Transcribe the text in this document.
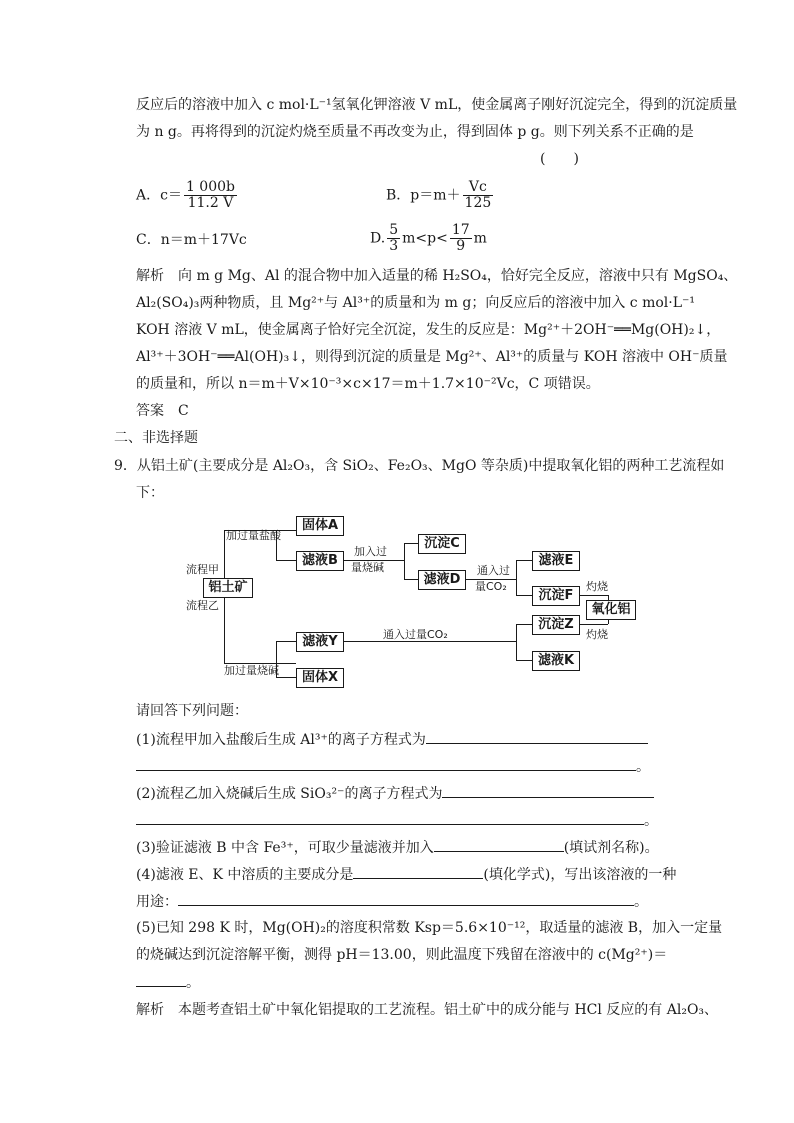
反应后的溶液中加入 c mol·L⁻¹氢氧化钾溶液 V mL，使金属离子刚好沉淀完全，得到的沉淀质量
为 n g。再将得到的沉淀灼烧至质量不再改变为止，得到固体 p g。则下列关系不正确的是
(　　)
A．$c= \frac{1 000b}{11.2 V}$	B．$p=m+ \frac{Vc}{125}$
C．n＝m＋17Vc	D. $\frac{5}{3} m<p< \frac{17}{9}$ m
解析　向 m g Mg、Al 的混合物中加入适量的稀 H₂SO₄，恰好完全反应，溶液中只有 MgSO₄、
Al₂(SO₄)₃两种物质，且 Mg²⁺与 Al³⁺的质量和为 m g；向反应后的溶液中加入 c mol·L⁻¹
KOH 溶液 V mL，使金属离子恰好完全沉淀，发生的反应是：Mg²⁺＋2OH⁻══Mg(OH)₂↓，
Al³⁺＋3OH⁻══Al(OH)₃↓，则得到沉淀的质量是 Mg²⁺、Al³⁺的质量与 KOH 溶液中 OH⁻质量
的质量和，所以 n＝m＋V×10⁻³×c×17＝m＋1.7×10⁻²Vc，C 项错误。
答案　C
二、非选择题
9．从铝土矿(主要成分是 Al₂O₃，含 SiO₂、Fe₂O₃、MgO 等杂质)中提取氧化铝的两种工艺流程如
下：
铝土矿
流程甲
流程乙
加过量盐酸
加过量烧碱
固体A
滤液B
加入过
量烧碱
沉淀C
滤液D
通入过
量CO₂
滤液E
沉淀F
灼烧
氧化铝
灼烧
滤液Y	通入过量CO₂
沉淀Z
滤液K
固体X
请回答下列问题：
(1)流程甲加入盐酸后生成 Al³⁺的离子方程式为
。
(2)流程乙加入烧碱后生成 SiO₃²⁻的离子方程式为
。
(3)验证滤液 B 中含 Fe³⁺，可取少量滤液并加入	(填试剂名称)。
(4)滤液 E、K 中溶质的主要成分是	(填化学式)，写出该溶液的一种
用途：	。
(5)已知 298 K 时，Mg(OH)₂的溶度积常数 Ksp＝5.6×10⁻¹²，取适量的滤液 B，加入一定量
的烧碱达到沉淀溶解平衡，测得 pH＝13.00，则此温度下残留在溶液中的 c(Mg²⁺)＝
。
解析　本题考查铝土矿中氧化铝提取的工艺流程。铝土矿中的成分能与 HCl 反应的有 Al₂O₃、
